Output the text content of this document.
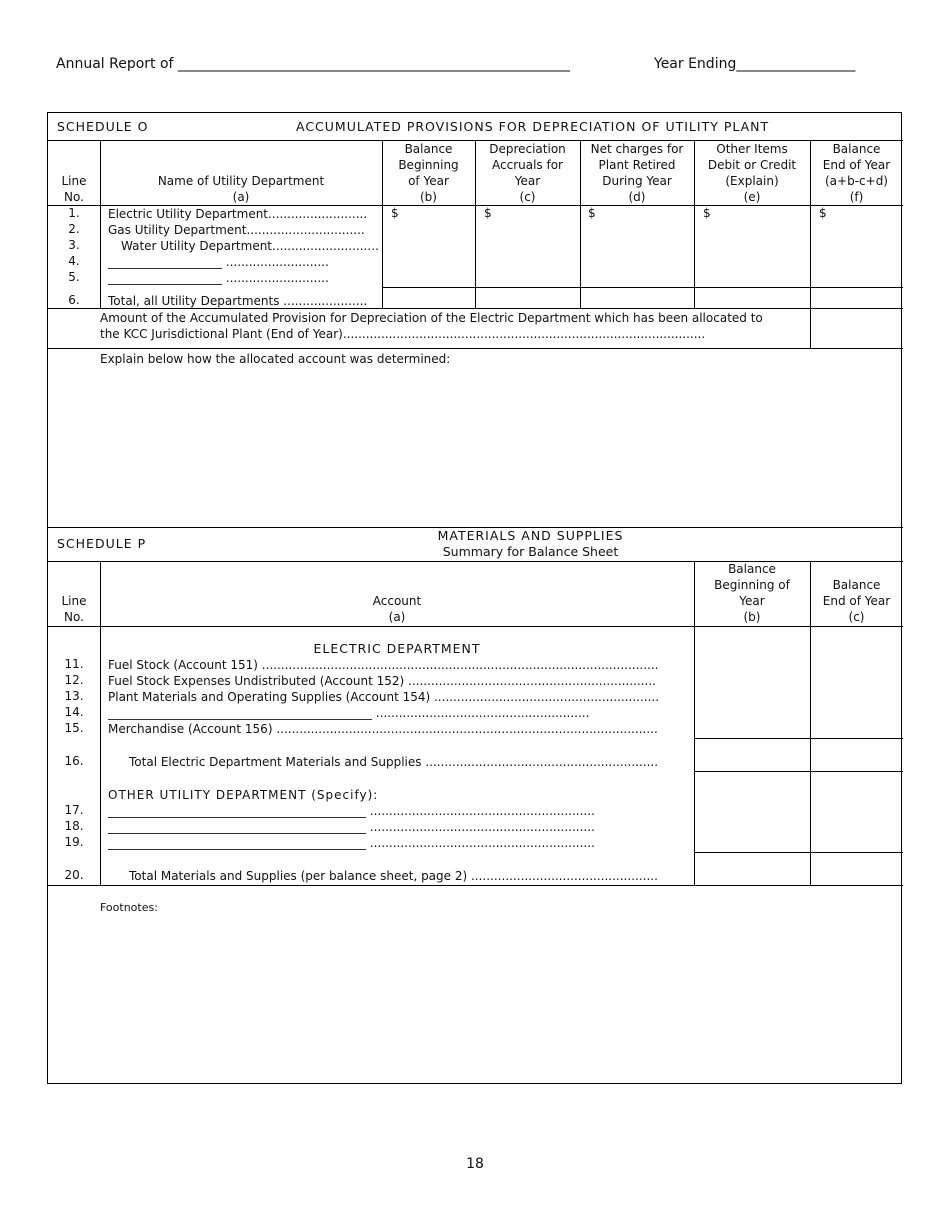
Annual Report of ________________________________________________________	Year Ending_________________
SCHEDULE O	ACCUMULATED PROVISIONS FOR DEPRECIATION OF UTILITY PLANT
Line
No.
Name of Utility Department
(a)
Balance
Beginning
of Year
(b)
Depreciation
Accruals for
Year
(c)
Net charges for
Plant Retired
During Year
(d)
Other Items
Debit or Credit
(Explain)
(e)
Balance
End of Year
(a+b-c+d)
(f)
$	$	$	$	$
1.	Electric Utility Department..........................
2.	Gas Utility Department...............................
3.	Water Utility Department............................
4.	___________________ ...........................
5.	___________________ ...........................
6.	Total, all Utility Departments ......................
Amount of the Accumulated Provision for Depreciation of the Electric Department which has been allocated to
the KCC Jurisdictional Plant (End of Year)...............................................................................................
Explain below how the allocated account was determined:
SCHEDULE P
MATERIALS AND SUPPLIES
Summary for Balance Sheet
Line
No.
Account
(a)
Balance
Beginning of
Year
(b)
Balance
End of Year
(c)
ELECTRIC DEPARTMENT
11.	Fuel Stock (Account 151) ........................................................................................................
12.	Fuel Stock Expenses Undistributed (Account 152) .................................................................
13.	Plant Materials and Operating Supplies (Account 154) ...........................................................
14.	____________________________________________ ........................................................
15.	Merchandise (Account 156) ....................................................................................................
16.	Total Electric Department Materials and Supplies .............................................................
OTHER UTILITY DEPARTMENT (Specify):
17.	___________________________________________ ...........................................................
18.	___________________________________________ ...........................................................
19.	___________________________________________ ...........................................................
20.	Total Materials and Supplies (per balance sheet, page 2) .................................................
Footnotes:
18
